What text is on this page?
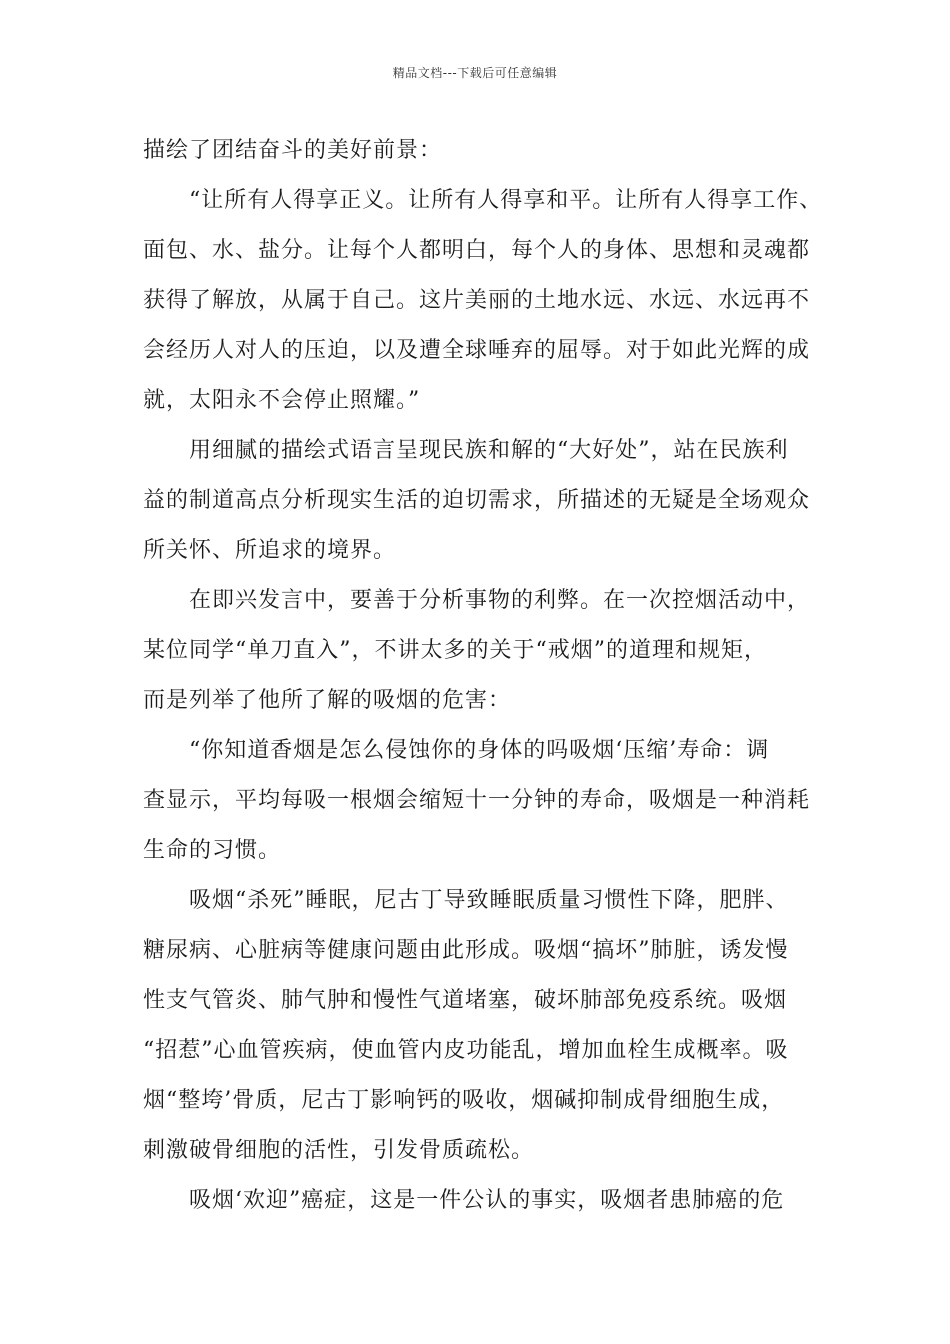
精品文档---下载后可任意编辑
描绘了团结奋斗的美好前景：
“让所有人得享正义。让所有人得享和平。让所有人得享工作、
面包、水、盐分。让每个人都明白，每个人的身体、思想和灵魂都
获得了解放，从属于自己。这片美丽的土地水远、水远、水远再不
会经历人对人的压迫，以及遭全球唾弃的屈辱。对于如此光辉的成
就，太阳永不会停止照耀。”
用细腻的描绘式语言呈现民族和解的“大好处”，站在民族利
益的制道高点分析现实生活的迫切需求，所描述的无疑是全场观众
所关怀、所追求的境界。
在即兴发言中，要善于分析事物的利弊。在一次控烟活动中，
某位同学“单刀直入”，不讲太多的关于“戒烟”的道理和规矩，
而是列举了他所了解的吸烟的危害：
“你知道香烟是怎么侵蚀你的身体的吗吸烟‘压缩’寿命：调
查显示，平均每吸一根烟会缩短十一分钟的寿命，吸烟是一种消耗
生命的习惯。
吸烟“杀死”睡眠，尼古丁导致睡眠质量习惯性下降，肥胖、
糖尿病、心脏病等健康问题由此形成。吸烟“搞坏”肺脏，诱发慢
性支气管炎、肺气肿和慢性气道堵塞，破坏肺部免疫系统。吸烟
“招惹”心血管疾病，使血管内皮功能乱，增加血栓生成概率。吸
烟“整垮’骨质，尼古丁影响钙的吸收，烟碱抑制成骨细胞生成，
刺激破骨细胞的活性，引发骨质疏松。
吸烟‘欢迎”癌症，这是一件公认的事实，吸烟者患肺癌的危
